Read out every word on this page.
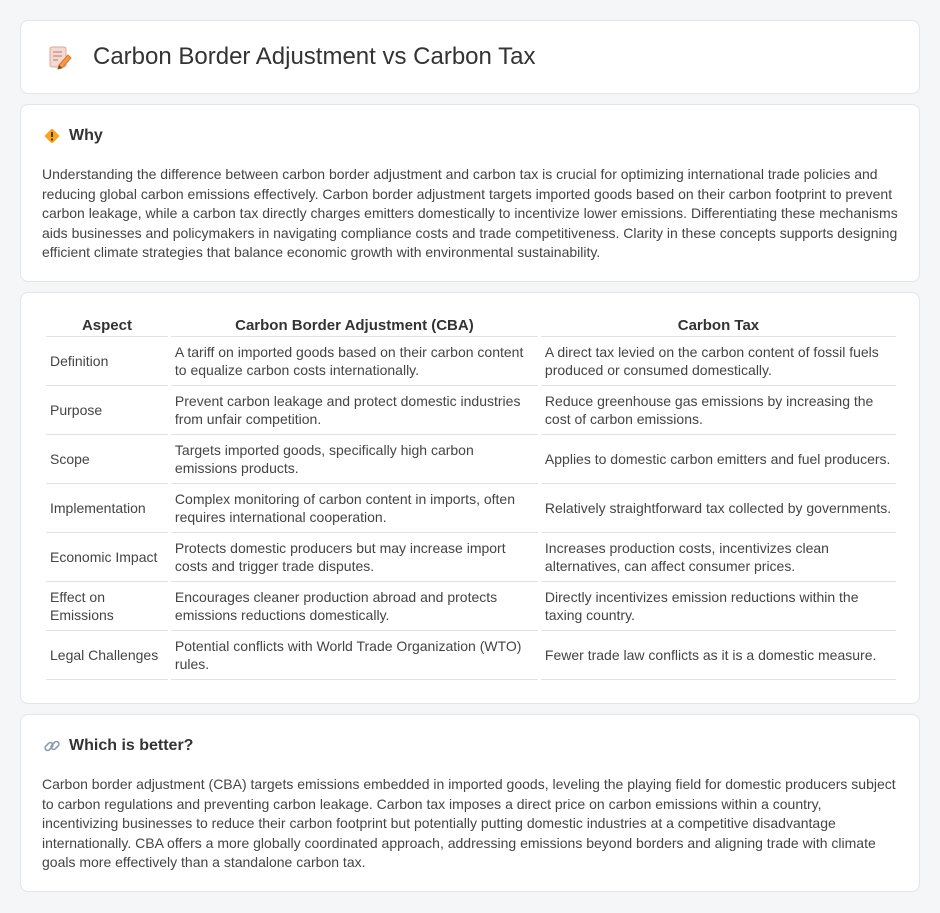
Carbon Border Adjustment vs Carbon Tax
Why

Understanding the difference between carbon border adjustment and carbon tax is crucial for optimizing international trade policies and reducing global carbon emissions effectively. Carbon border adjustment targets imported goods based on their carbon footprint to prevent carbon leakage, while a carbon tax directly charges emitters domestically to incentivize lower emissions. Differentiating these mechanisms aids businesses and policymakers in navigating compliance costs and trade competitiveness. Clarity in these concepts supports designing efficient climate strategies that balance economic growth with environmental sustainability.

Aspect	Carbon Border Adjustment (CBA)	Carbon Tax
Definition	A tariff on imported goods based on their carbon content to equalize carbon costs internationally.	A direct tax levied on the carbon content of fossil fuels produced or consumed domestically.
Purpose	Prevent carbon leakage and protect domestic industries from unfair competition.	Reduce greenhouse gas emissions by increasing the cost of carbon emissions.
Scope	Targets imported goods, specifically high carbon emissions products.	Applies to domestic carbon emitters and fuel producers.
Implementation	Complex monitoring of carbon content in imports, often requires international cooperation.	Relatively straightforward tax collected by governments.
Economic Impact	Protects domestic producers but may increase import costs and trigger trade disputes.	Increases production costs, incentivizes clean alternatives, can affect consumer prices.
Effect on Emissions	Encourages cleaner production abroad and protects emissions reductions domestically.	Directly incentivizes emission reductions within the taxing country.
Legal Challenges	Potential conflicts with World Trade Organization (WTO) rules.	Fewer trade law conflicts as it is a domestic measure.
Which is better?

Carbon border adjustment (CBA) targets emissions embedded in imported goods, leveling the playing field for domestic producers subject to carbon regulations and preventing carbon leakage. Carbon tax imposes a direct price on carbon emissions within a country, incentivizing businesses to reduce their carbon footprint but potentially putting domestic industries at a competitive disadvantage internationally. CBA offers a more globally coordinated approach, addressing emissions beyond borders and aligning trade with climate goals more effectively than a standalone carbon tax.
